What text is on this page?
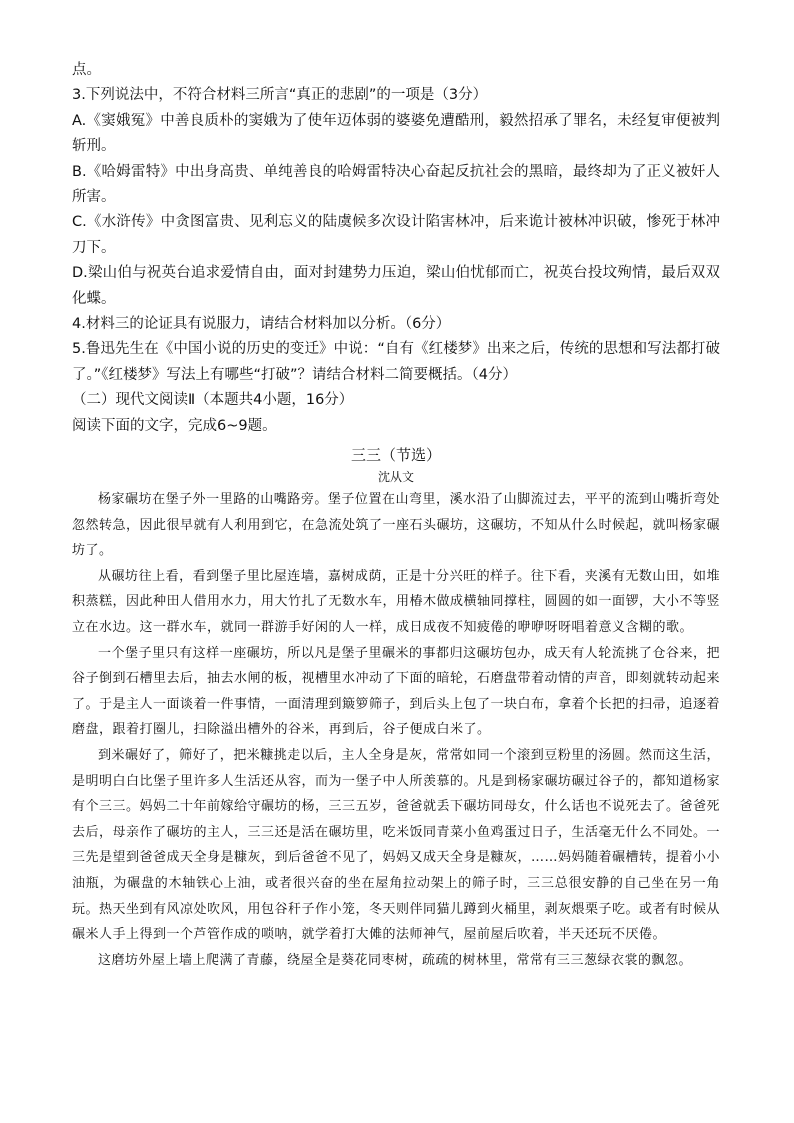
点。

3.下列说法中，不符合材料三所言“真正的悲剧”的一项是（3分）

A.《窦娥冤》中善良质朴的窦娥为了使年迈体弱的婆婆免遭酷刑，毅然招承了罪名，未经复审便被判斩刑。

B.《哈姆雷特》中出身高贵、单纯善良的哈姆雷特决心奋起反抗社会的黑暗，最终却为了正义被奸人所害。

C.《水浒传》中贪图富贵、见利忘义的陆虞候多次设计陷害林冲，后来诡计被林冲识破，惨死于林冲刀下。

D.梁山伯与祝英台追求爱情自由，面对封建势力压迫，梁山伯忧郁而亡，祝英台投坟殉情，最后双双化蝶。

4.材料三的论证具有说服力，请结合材料加以分析。（6分）

5.鲁迅先生在《中国小说的历史的变迁》中说：“自有《红楼梦》出来之后，传统的思想和写法都打破了。”《红楼梦》写法上有哪些“打破”？请结合材料二简要概括。（4分）

（二）现代文阅读Ⅱ（本题共4小题，16分）

阅读下面的文字，完成6~9题。

三三（节选）
沈从文

杨家碾坊在堡子外一里路的山嘴路旁。堡子位置在山弯里，溪水沿了山脚流过去，平平的流到山嘴折弯处忽然转急，因此很早就有人利用到它，在急流处筑了一座石头碾坊，这碾坊，不知从什么时候起，就叫杨家碾坊了。

从碾坊往上看，看到堡子里比屋连墙，嘉树成荫，正是十分兴旺的样子。往下看，夹溪有无数山田，如堆积蒸糕，因此种田人借用水力，用大竹扎了无数水车，用椿木做成横轴同撑柱，圆圆的如一面锣，大小不等竖立在水边。这一群水车，就同一群游手好闲的人一样，成日成夜不知疲倦的咿咿呀呀唱着意义含糊的歌。

一个堡子里只有这样一座碾坊，所以凡是堡子里碾米的事都归这碾坊包办，成天有人轮流挑了仓谷来，把谷子倒到石槽里去后，抽去水闸的板，视槽里水冲动了下面的暗轮，石磨盘带着动情的声音，即刻就转动起来了。于是主人一面谈着一件事情，一面清理到簸箩筛子，到后头上包了一块白布，拿着个长把的扫帚，追逐着磨盘，跟着打圈儿，扫除溢出槽外的谷米，再到后，谷子便成白米了。

到米碾好了，筛好了，把米糠挑走以后，主人全身是灰，常常如同一个滚到豆粉里的汤圆。然而这生活，是明明白白比堡子里许多人生活还从容，而为一堡子中人所羡慕的。凡是到杨家碾坊碾过谷子的，都知道杨家有个三三。妈妈二十年前嫁给守碾坊的杨，三三五岁，爸爸就丢下碾坊同母女，什么话也不说死去了。爸爸死去后，母亲作了碾坊的主人，三三还是活在碾坊里，吃米饭同青菜小鱼鸡蛋过日子，生活毫无什么不同处。一三先是望到爸爸成天全身是糠灰，到后爸爸不见了，妈妈又成天全身是糠灰，……妈妈随着碾槽转，提着小小油瓶，为碾盘的木轴铁心上油，或者很兴奋的坐在屋角拉动架上的筛子时，三三总很安静的自己坐在另一角玩。热天坐到有风凉处吹风，用包谷秆子作小笼，冬天则伴同猫儿蹲到火桶里，剥灰煨栗子吃。或者有时候从碾米人手上得到一个芦管作成的唢呐，就学着打大傩的法师神气，屋前屋后吹着，半天还玩不厌倦。

这磨坊外屋上墙上爬满了青藤，绕屋全是葵花同枣树，疏疏的树林里，常常有三三葱绿衣裳的飘忽。
